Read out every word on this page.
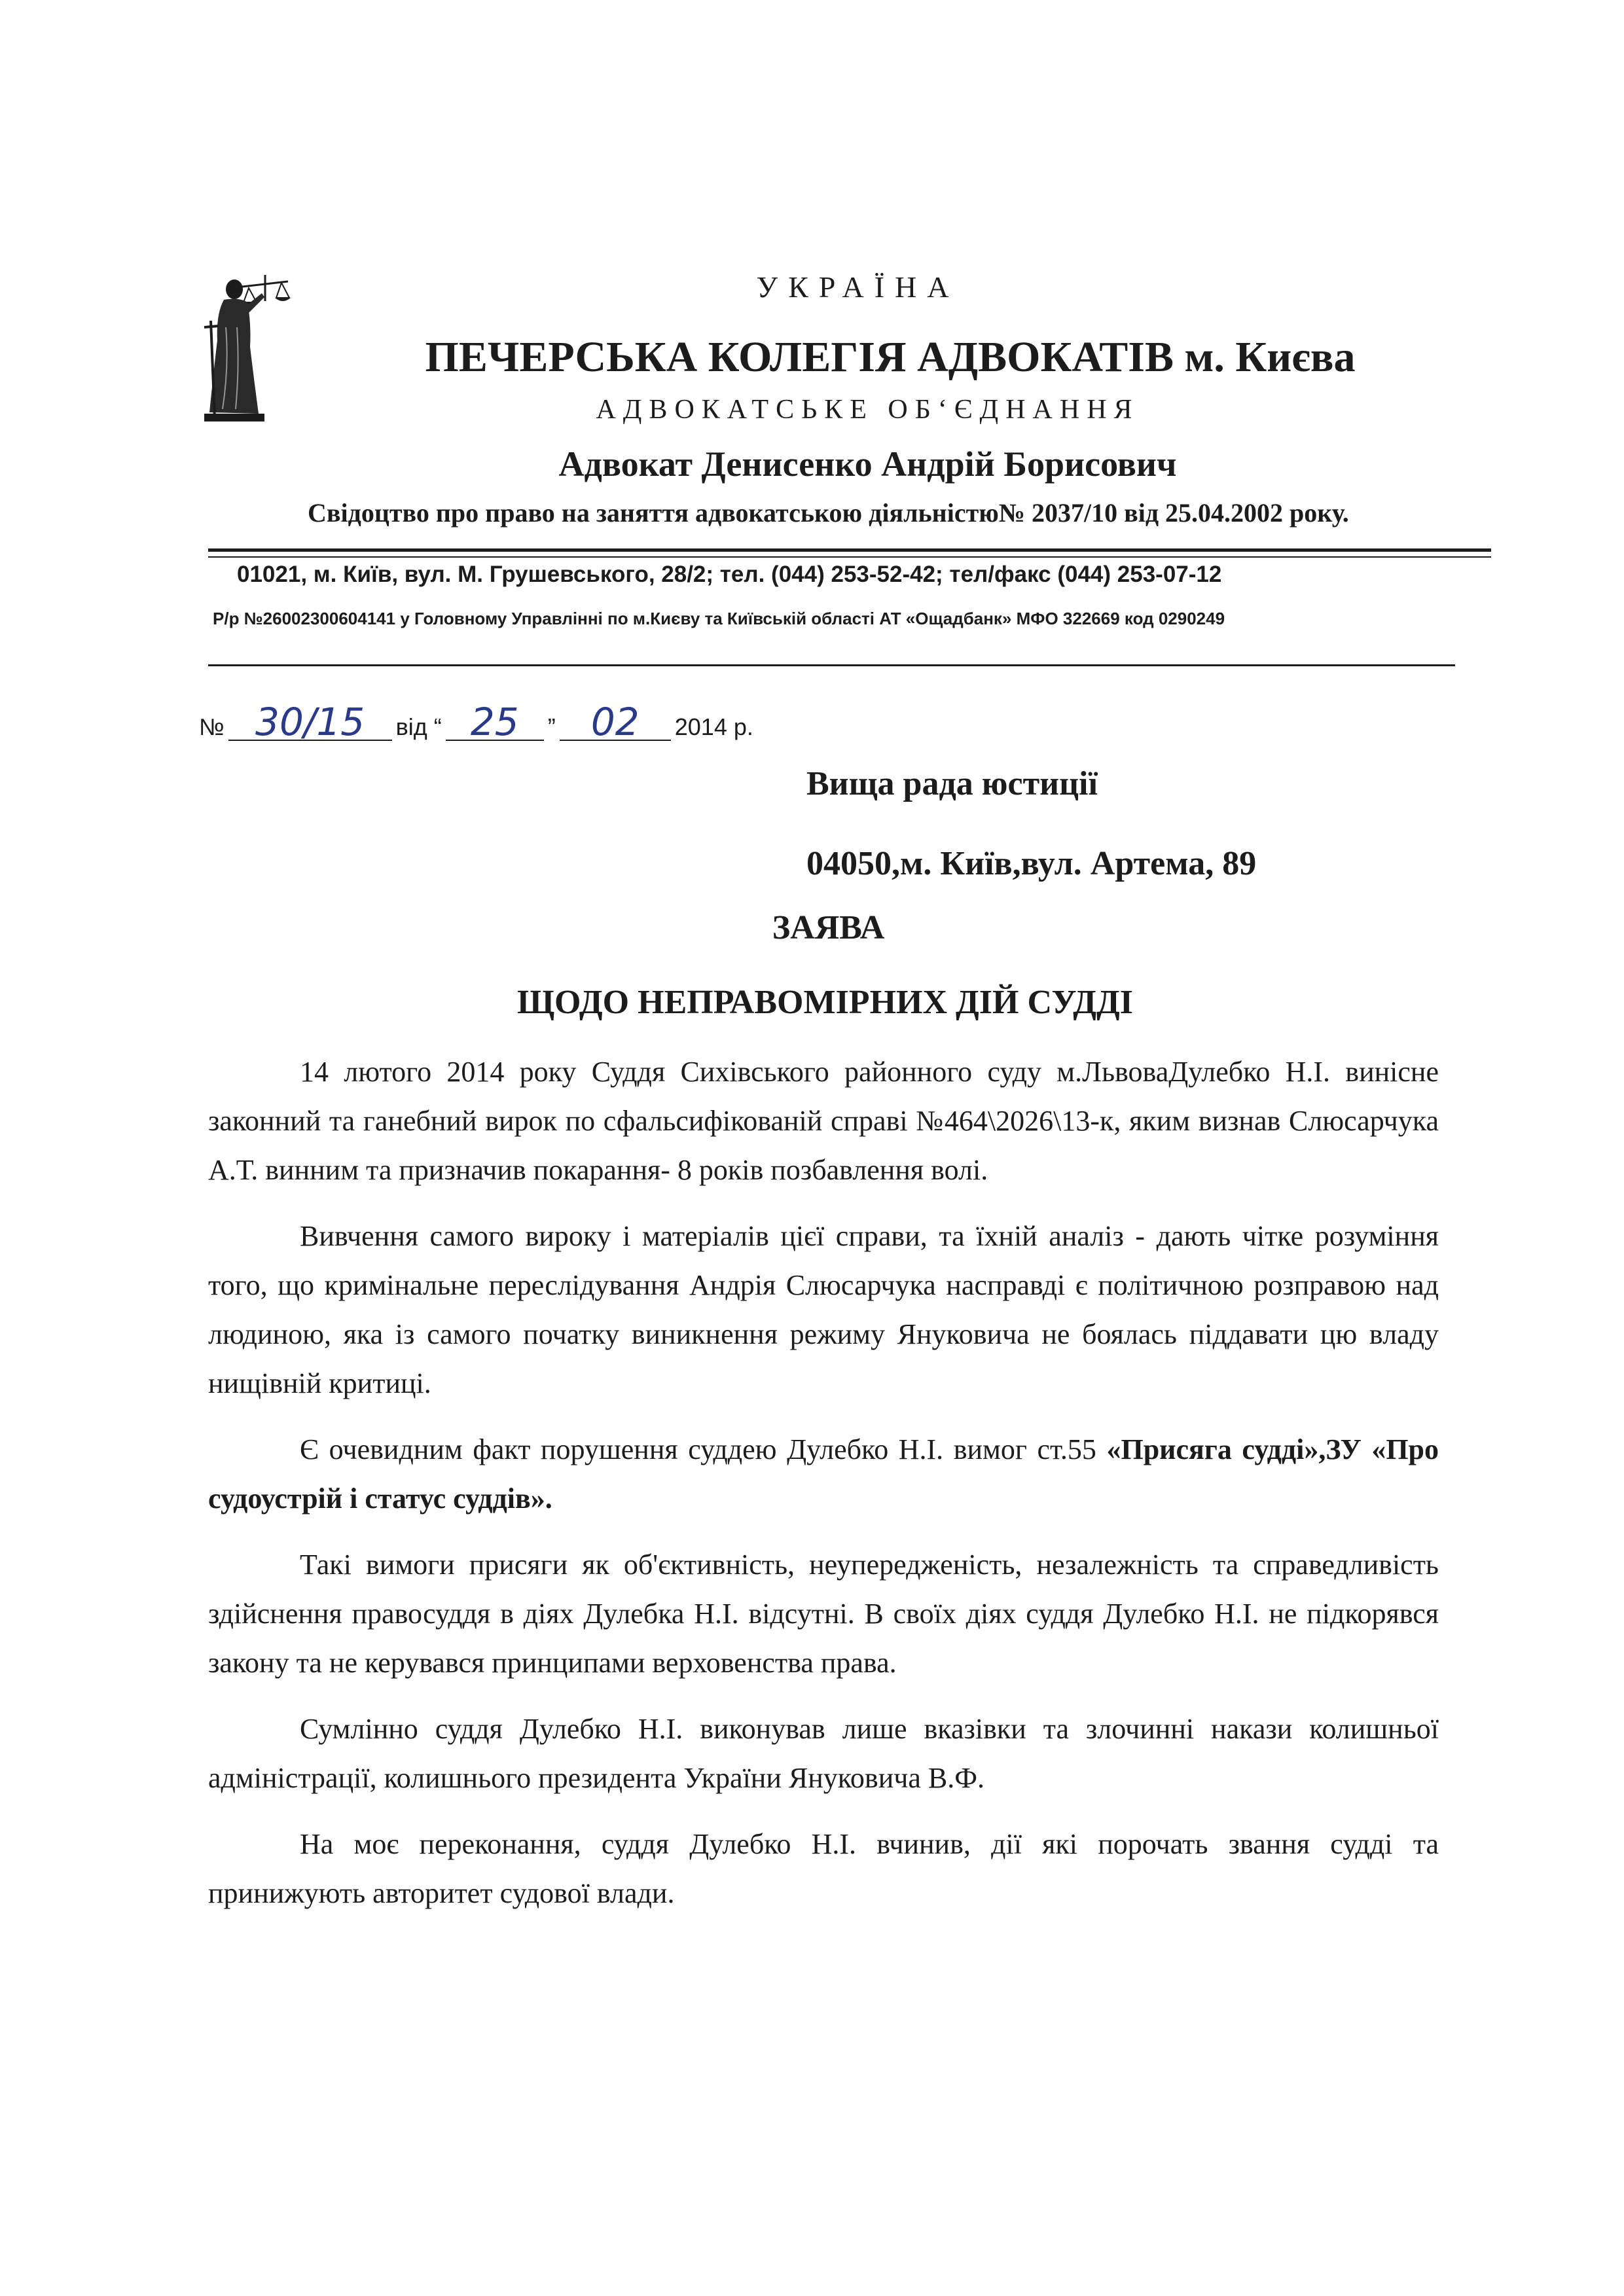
УКРАЇНА
ПЕЧЕРСЬКА КОЛЕГІЯ АДВОКАТІВ м. Києва
АДВОКАТСЬКЕ ОБ‘ЄДНАННЯ
Адвокат Денисенко Андрій Борисович
Свідоцтво про право на заняття адвокатською діяльністю№ 2037/10 від 25.04.2002 року.
01021, м. Київ, вул. М. Грушевського, 28/2; тел. (044) 253-52-42; тел/факс (044) 253-07-12
Р/р №26002300604141 у Головному Управлінні по м.Києву та Київській області АТ «Ощадбанк» МФО 322669 код 0290249
№ 30/15	від “ 25	” 02	2014 р.
Вища рада юстиції
04050,м. Київ,вул. Артема, 89
ЗАЯВА
ЩОДО НЕПРАВОМІРНИХ ДІЙ СУДДІ

14 лютого 2014 року Суддя Сихівського районного суду м.ЛьвоваДулебко Н.І. винісне законний та ганебний вирок по сфальсифікованій справі №464\2026\13-к, яким визнав Слюсарчука А.Т. винним та призначив покарання- 8 років позбавлення волі.

Вивчення самого вироку і матеріалів цієї справи, та їхній аналіз - дають чітке розуміння того, що кримінальне переслідування Андрія Слюсарчука насправді є політичною розправою над людиною, яка із самого початку виникнення режиму Януковича не боялась піддавати цю владу нищівній критиці.

Є очевидним факт порушення суддею Дулебко Н.І. вимог ст.55 «Присяга судді»,ЗУ «Про судоустрій і статус суддів».

Такі вимоги присяги як об'єктивність, неупередженість, незалежність та справедливість здійснення правосуддя в діях Дулебка Н.І. відсутні. В своїх діях суддя Дулебко Н.І. не підкорявся закону та не керувався принципами верховенства права.

Сумлінно суддя Дулебко Н.І. виконував лише вказівки та злочинні накази колишньої адміністрації, колишнього президента України Януковича В.Ф.

На моє переконання, суддя Дулебко Н.І. вчинив, дії які порочать звання судді та принижують авторитет судової влади.
